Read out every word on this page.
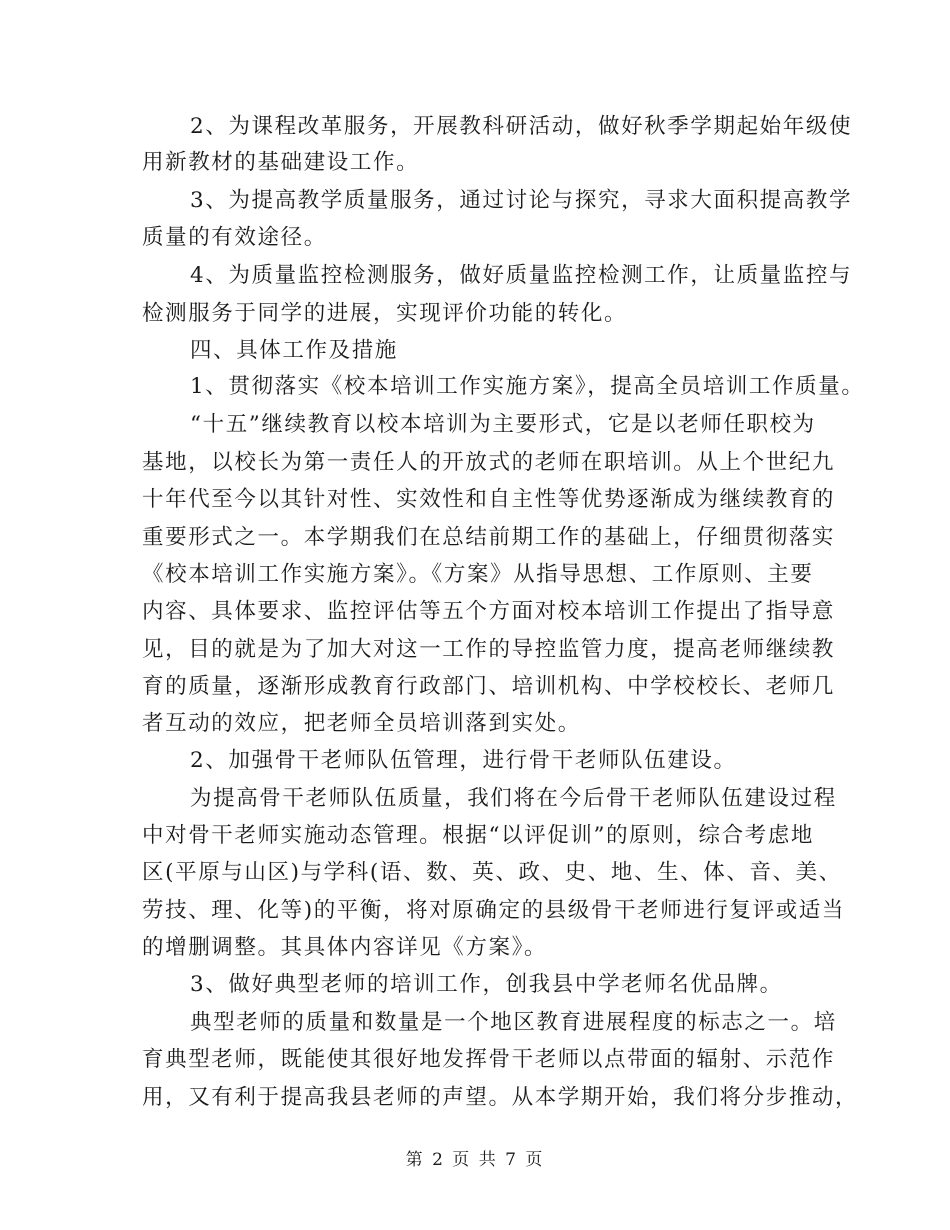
2、为课程改革服务，开展教科研活动，做好秋季学期起始年级使
用新教材的基础建设工作。
3、为提高教学质量服务，通过讨论与探究，寻求大面积提高教学
质量的有效途径。
4、为质量监控检测服务，做好质量监控检测工作，让质量监控与
检测服务于同学的进展，实现评价功能的转化。
四、具体工作及措施
1、贯彻落实《校本培训工作实施方案》，提高全员培训工作质量。
“十五”继续教育以校本培训为主要形式，它是以老师任职校为
基地，以校长为第一责任人的开放式的老师在职培训。从上个世纪九
十年代至今以其针对性、实效性和自主性等优势逐渐成为继续教育的
重要形式之一。本学期我们在总结前期工作的基础上，仔细贯彻落实
《校本培训工作实施方案》。《方案》从指导思想、工作原则、主要
内容、具体要求、监控评估等五个方面对校本培训工作提出了指导意
见，目的就是为了加大对这一工作的导控监管力度，提高老师继续教
育的质量，逐渐形成教育行政部门、培训机构、中学校校长、老师几
者互动的效应，把老师全员培训落到实处。
2、加强骨干老师队伍管理，进行骨干老师队伍建设。
为提高骨干老师队伍质量，我们将在今后骨干老师队伍建设过程
中对骨干老师实施动态管理。根据“以评促训”的原则，综合考虑地
区(平原与山区)与学科(语、数、英、政、史、地、生、体、音、美、
劳技、理、化等)的平衡，将对原确定的县级骨干老师进行复评或适当
的增删调整。其具体内容详见《方案》。
3、做好典型老师的培训工作，创我县中学老师名优品牌。
典型老师的质量和数量是一个地区教育进展程度的标志之一。培
育典型老师，既能使其很好地发挥骨干老师以点带面的辐射、示范作
用，又有利于提高我县老师的声望。从本学期开始，我们将分步推动，
第 2 页 共 7 页
